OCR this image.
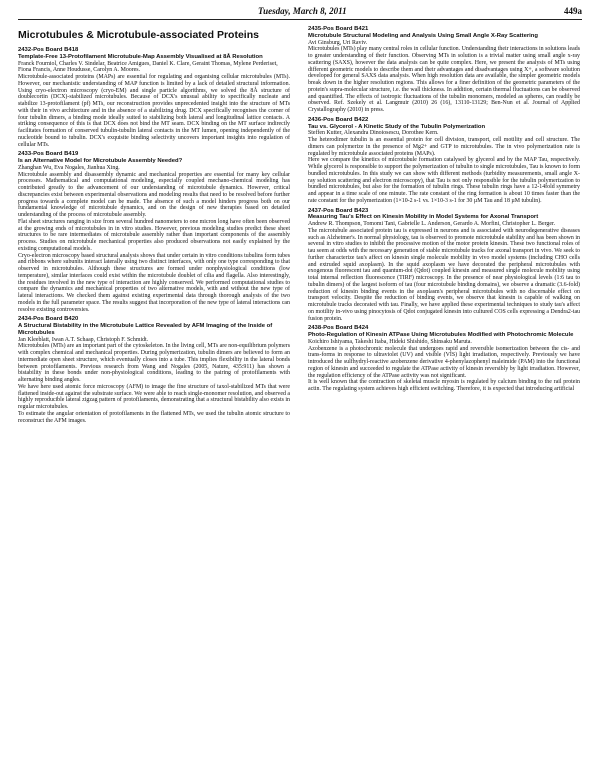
Tuesday, March 8, 2011	449a
Microtubules & Microtubule-associated Proteins
2432-Pos Board B418
Template-Free 13-Protofilament Microtubule-Map Assembly Visualised at 8Å Resolution
Franck Fourniol, Charles V. Sindelar, Beatrice Amigues, Daniel K. Clare, Geraint Thomas, Mylene Perderiset, Fiona Francis, Anne Houdusse, Carolyn A. Moores.

Microtubule-associated proteins (MAPs) are essential for regulating and organising cellular microtubules (MTs). However, our mechanistic understanding of MAP function is limited by a lack of detailed structural information. Using cryo-electron microscopy (cryo-EM) and single particle algorithms, we solved the 8Å structure of doublecortin (DCX)-stabilized microtubules. Because of DCX's unusual ability to specifically nucleate and stabilize 13-protofilament (pf) MTs, our reconstruction provides unprecedented insight into the structure of MTs with their in vivo architecture and in the absence of a stabilizing drug. DCX specifically recognises the corner of four tubulin dimers, a binding mode ideally suited to stabilizing both lateral and longitudinal lattice contacts. A striking consequence of this is that DCX does not bind the MT seam. DCX binding on the MT surface indirectly facilitates formation of conserved tubulin-tubulin lateral contacts in the MT lumen, opening independently of the nucleotide bound to tubulin. DCX's exquisite binding selectivity uncovers important insights into regulation of cellular MTs.

2433-Pos Board B419
Is an Alternative Model for Microtubule Assembly Needed?
Zhanghan Wu, Eva Nogales, Jianhua Xing.

Microtubule assembly and disassembly dynamic and mechanical properties are essential for many key cellular processes. Mathematical and computational modeling, especially coupled mechano-chemical modeling has contributed greatly to the advancement of our understanding of microtubule dynamics. However, critical discrepancies exist between experimental observations and modeling results that need to be resolved before further progress towards a complete model can be made. The absence of such a model hinders progress both on our fundamental knowledge of microtubule dynamics, and on the design of new therapies based on detailed understanding of the process of microtubule assembly.

Flat sheet structures ranging in size from several hundred nanometers to one micron long have often been observed at the growing ends of microtubules in in vitro studies. However, previous modeling studies predict these sheet structures to be rare intermediates of microtubule assembly rather than important components of the assembly process. Studies on microtubule mechanical properties also produced observations not easily explained by the existing computational models.

Cryo-electron microscopy based structural analysis shows that under certain in vitro conditions tubulins form tubes and ribbons where subunits interact laterally using two distinct interfaces, with only one type corresponding to that observed in microtubules. Although these structures are formed under nonphysiological conditions (low temperature), similar interfaces could exist within the microtubule doublet of cilia and flagella. Also interestingly, the residues involved in the new type of interaction are highly conserved. We performed computational studies to compare the dynamics and mechanical properties of two alternative models, with and without the new type of lateral interactions. We checked them against existing experimental data through thorough analysis of the two models in the full parameter space. The results suggest that incorporation of the new type of lateral interactions can resolve existing controversies.

2434-Pos Board B420
A Structural Bistability in the Microtubule Lattice Revealed by AFM Imaging of the Inside of Microtubules
Jan Kleeblatt, Iwan A.T. Schaap, Christoph F. Schmidt.

Microtubules (MTs) are an important part of the cytoskeleton. In the living cell, MTs are non-equilibrium polymers with complex chemical and mechanical properties. During polymerization, tubulin dimers are believed to form an intermediate open sheet structure, which eventually closes into a tube. This implies flexibility in the lateral bonds between protofilaments. Previous research from Wang and Nogales (2005, Nature, 435:911) has shown a bistability in these bonds under non-physiological conditions, leading to the pairing of protofilaments with alternating binding angles.

We have here used atomic force microscopy (AFM) to image the fine structure of taxol-stabilized MTs that were flattened inside-out against the substrate surface. We were able to reach single-monomer resolution, and observed a highly reproducible lateral zigzag pattern of protofilaments, demonstrating that a structural bistability also exists in regular microtubules.

To estimate the angular orientation of protofilaments in the flattened MTs, we used the tubulin atomic structure to reconstruct the AFM images.

2435-Pos Board B421
Microtubule Structural Modeling and Analysis Using Small Angle X-Ray Scattering
Avi Ginsburg, Uri Raviv.

Microtubules (MTs) play many central roles in cellular function. Understanding their interactions in solutions leads to greater understanding of their function. Observing MTs in solution is a trivial matter using small angle x-ray scattering (SAXS), however the data analysis can be quite complex. Here, we present the analysis of MTs using different geometric models to describe them and their advantages and disadvantages using X+, a software solution developed for general SAXS data analysis. When high resolution data are available, the simpler geometric models break down in the higher resolution regions. This allows for a finer definition of the geometric parameters of the protein's supra-molecular structure, i.e. the wall thickness. In addition, certain thermal fluctuations can be observed and quantified. The effects of isotropic fluctuations of the tubulin monomers, modeled as spheres, can readily be observed. Ref. Szekely et al. Langmuir (2010) 26 (16), 13110-13129; Ben-Nun et al. Journal of Applied Crystallography (2010) in press.

2436-Pos Board B422
Tau vs. Glycerol - A Kinetic Study of the Tubulin Polymerization
Steffen Kutter, Alexandra Dinoiosescu, Dorothee Kern.

The heterodimer tubulin is an essential protein for cell division, transport, cell motility and cell structure. The dimers can polymerize in the presence of Mg2+ and GTP to microtubules. The in vivo polymerization rate is regulated by microtubule associated proteins (MAPs).

Here we compare the kinetics of microtubule formation catalysed by glycerol and by the MAP Tau, respectively. While glycerol is responsible to support the polymerization of tubulin to single microtubules, Tau is known to form bundled microtubules. In this study we can show with different methods (turbidity measurements, small angle X-ray solution scattering and electron microscopy), that Tau is not only responsible for the tubulin polymerization to bundled microtubules, but also for the formation of tubulin rings. These tubulin rings have a 12-14fold symmetry and appear in a time scale of one minute. The rate constant of the ring formation is about 10 times faster than the rate constant for the polymerization (1×10-2 s-1 vs. 1×10-3 s-1 for 30 µM Tau and 18 µM tubulin).

2437-Pos Board B423
Measuring Tau's Effect on Kinesin Mobility in Model Systems for Axonal Transport
Andrew R. Thompson, Tomomi Tani, Gabrielle L. Anderson, Gerardo A. Morfini, Christopher L. Berger.

The microtubule associated protein tau is expressed in neurons and is associated with neurodegenerative diseases such as Alzheimer's. In normal physiology, tau is observed to promote microtubule stability and has been shown in several in vitro studies to inhibit the processive motion of the motor protein kinesin. These two functional roles of tau seem at odds with the necessary generation of stable microtubule tracks for axonal transport in vivo. We seek to further characterize tau's affect on kinesin single molecule mobility in vivo model systems (including CHO cells and extruded squid axoplasm). In the squid axoplasm we have decorated the peripheral microtubules with exogenous fluorescent tau and quantum-dot (Qdot) coupled kinesin and measured single molecule mobility using total internal reflection fluorescence (TIRF) microscopy. In the presence of near physiological levels (1:6 tau to tubulin dimers) of the largest isoform of tau (four microtubule binding domains), we observe a dramatic (3.6-fold) reduction of kinesin binding events in the axoplasm's peripheral microtubules with no discernable effect on transport velocity. Despite the reduction of binding events, we observe that kinesin is capable of walking on microtubule tracks decorated with tau. Finally, we have applied these experimental techniques to study tau's affect on motility in-vivo using pinocytosis of Qdot conjugated kinesin into cultured COS cells expressing a Dendra2-tau fusion protein.

2438-Pos Board B424
Photo-Regulation of Kinesin ATPase Using Microtubules Modified with Photochromic Molecule
Koichiro Ishiyama, Takeshi Itaba, Hideki Shishido, Shinsaku Maruta.

Azobenzene is a photochromic molecule that undergoes rapid and reversible isomerization between the cis- and trans-forms in response to ultraviolet (UV) and visible (VIS) light irradiation, respectively. Previously we have introduced the sulfhydryl-reactive azobenzene derivative 4-phenylazophenyl maleimide (PAM) into the functional region of kinesin and succeeded to regulate the ATPase activity of kinesin reversibly by light irradiation. However, the regulation efficiency of the ATPase activity was not significant.

It is well known that the contraction of skeletal muscle myosin is regulated by calcium binding to the rail protein actin. The regulating system achieves high efficient switching. Therefore, it is expected that introducing artificial
